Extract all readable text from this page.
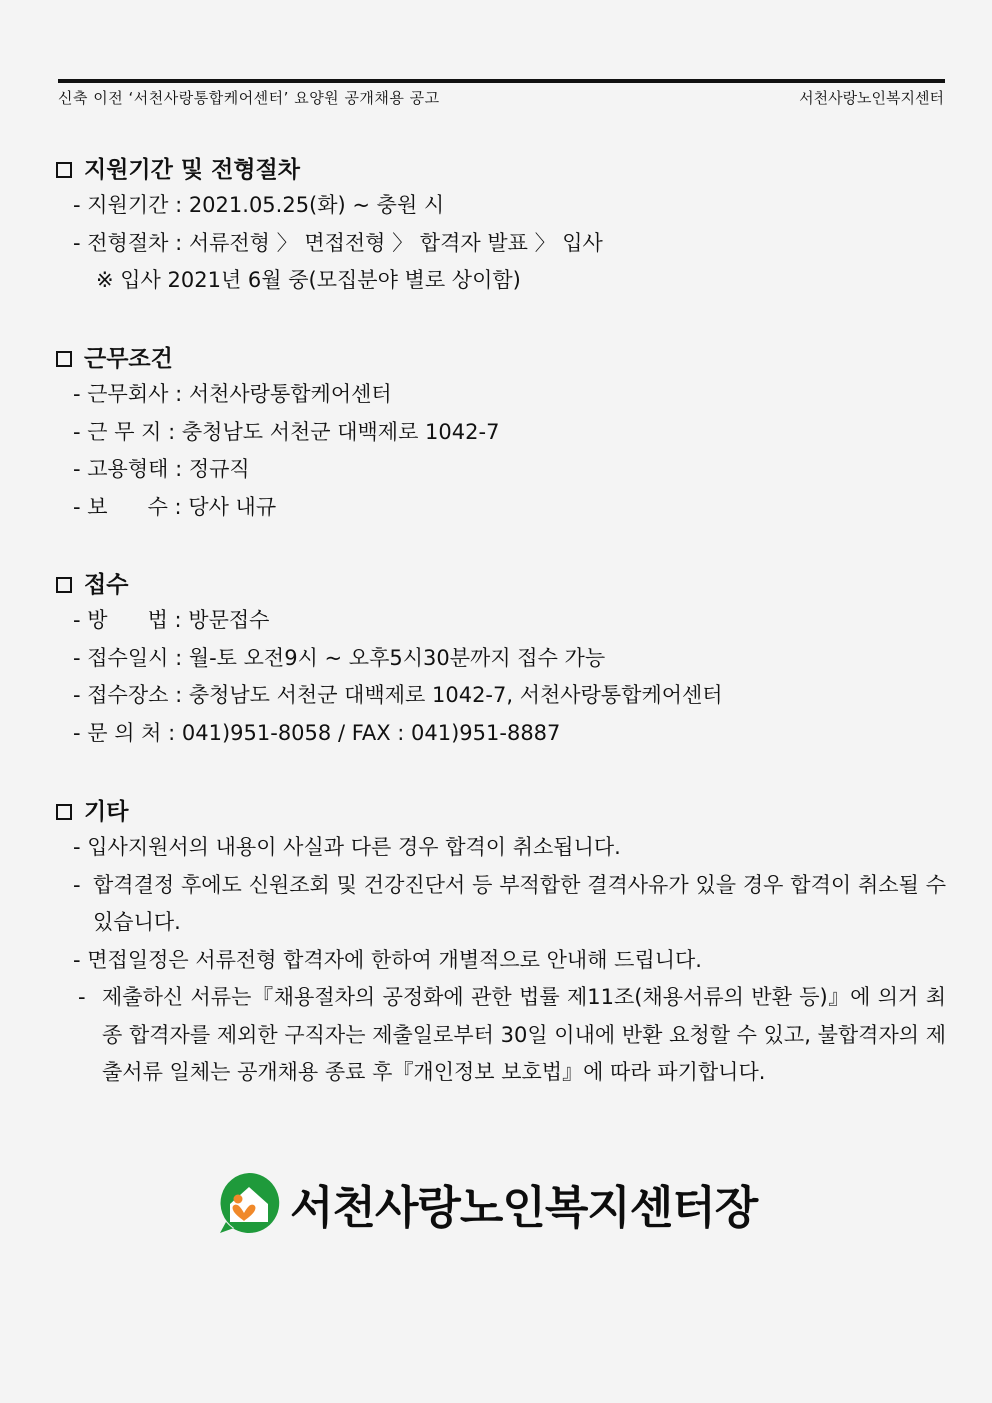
신축 이전 ‘서천사랑통합케어센터’ 요양원 공개채용 공고	서천사랑노인복지센터
지원기간 및 전형절차
- 지원기간 : 2021.05.25(화) ~ 충원 시
- 전형절차 : 서류전형 〉 면접전형 〉 합격자 발표 〉 입사
※ 입사 2021년 6월 중(모집분야 별로 상이함)
근무조건
- 근무회사 : 서천사랑통합케어센터
- 근 무 지 : 충청남도 서천군 대백제로 1042-7
- 고용형태 : 정규직
- 보      수 : 당사 내규
접수
- 방      법 : 방문접수
- 접수일시 : 월-토 오전9시 ~ 오후5시30분까지 접수 가능
- 접수장소 : 충청남도 서천군 대백제로 1042-7, 서천사랑통합케어센터
- 문 의 처 : 041)951-8058 / FAX : 041)951-8887
기타
- 입사지원서의 내용이 사실과 다른 경우 합격이 취소됩니다.
- 합격결정 후에도 신원조회 및 건강진단서 등 부적합한 결격사유가 있을 경우 합격이 취소될 수 있습니다.
- 면접일정은 서류전형 합격자에 한하여 개별적으로 안내해 드립니다.
- 제출하신 서류는『채용절차의 공정화에 관한 법률 제11조(채용서류의 반환 등)』에 의거 최종 합격자를 제외한 구직자는 제출일로부터 30일 이내에 반환 요청할 수 있고, 불합격자의 제출서류 일체는 공개채용 종료 후『개인정보 보호법』에 따라 파기합니다.
서천사랑노인복지센터장
